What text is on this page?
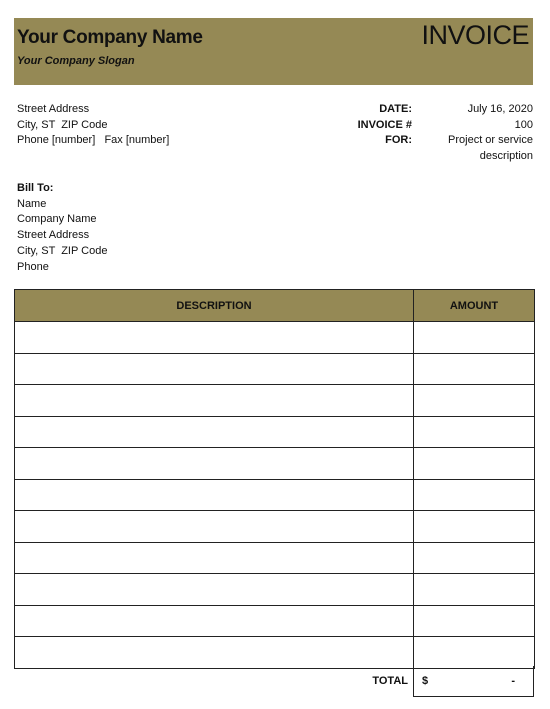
Your Company Name
Your Company Slogan
INVOICE
Street Address
City, ST  ZIP Code
Phone [number]   Fax [number]
DATE:	July 16, 2020
INVOICE #	100
FOR:	Project or service
description
Bill To:
Name
Company Name
Street Address
City, ST  ZIP Code
Phone
DESCRIPTION	AMOUNT

TOTAL $	-
